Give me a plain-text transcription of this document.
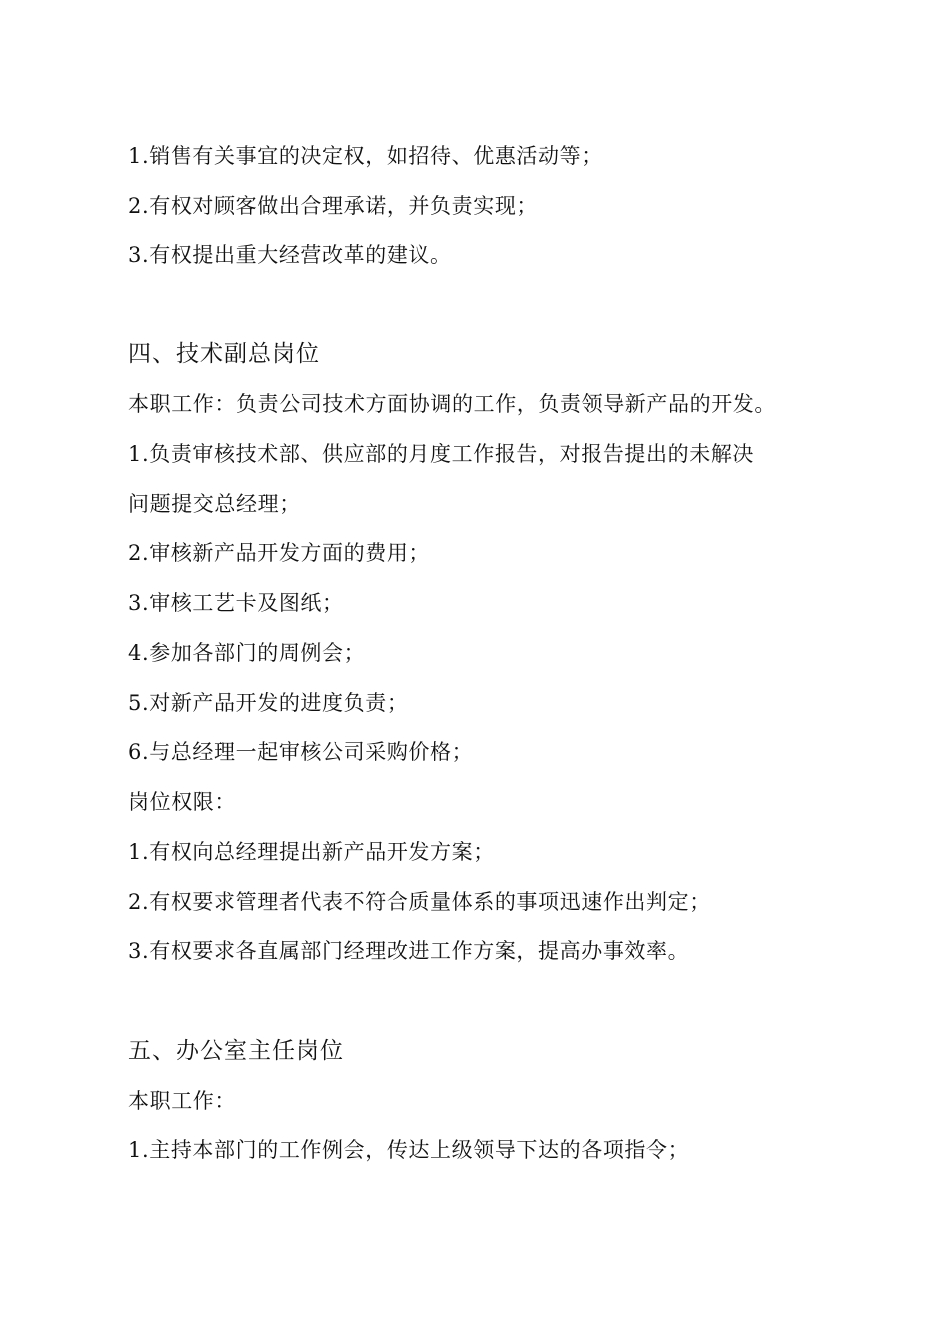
1.销售有关事宜的决定权，如招待、优惠活动等；
2.有权对顾客做出合理承诺，并负责实现；
3.有权提出重大经营改革的建议。
四、技术副总岗位
本职工作：负责公司技术方面协调的工作，负责领导新产品的开发。
1.负责审核技术部、供应部的月度工作报告，对报告提出的未解决
问题提交总经理；
2.审核新产品开发方面的费用；
3.审核工艺卡及图纸；
4.参加各部门的周例会；
5.对新产品开发的进度负责；
6.与总经理一起审核公司采购价格；
岗位权限：
1.有权向总经理提出新产品开发方案；
2.有权要求管理者代表不符合质量体系的事项迅速作出判定；
3.有权要求各直属部门经理改进工作方案，提高办事效率。
五、办公室主任岗位
本职工作：
1.主持本部门的工作例会，传达上级领导下达的各项指令；
